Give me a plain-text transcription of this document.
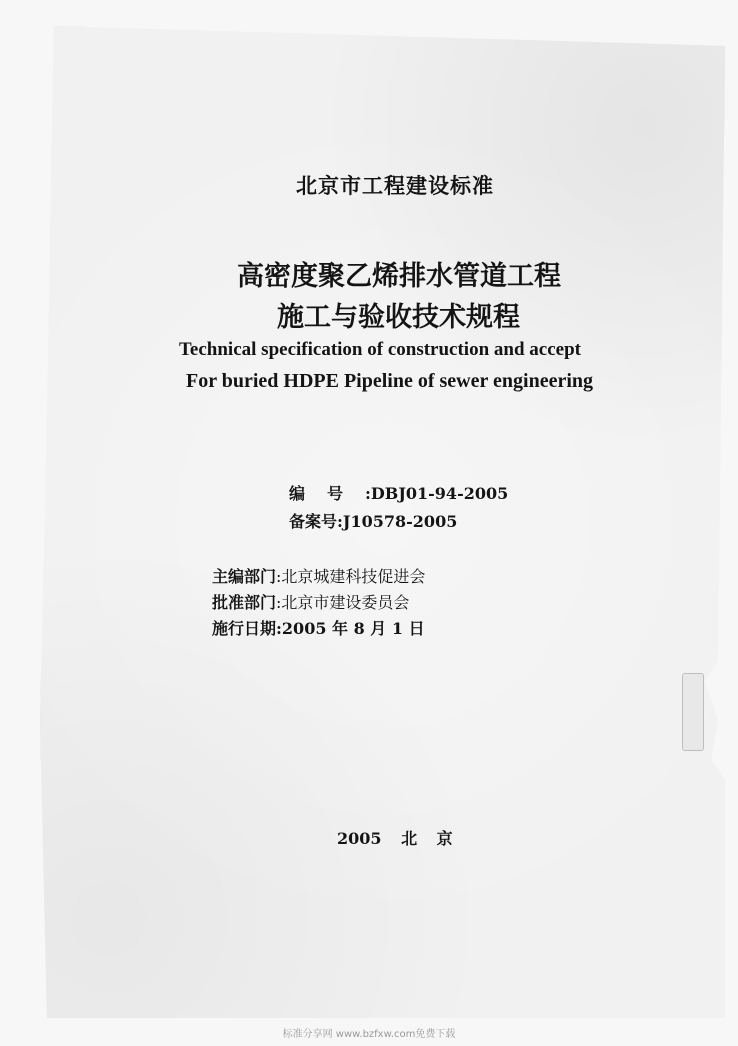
北京市工程建设标准
高密度聚乙烯排水管道工程
施工与验收技术规程
Technical specification of construction and accept
For buried HDPE Pipeline of sewer engineering
编号:DBJ01-94-2005
备案号:J10578-2005
主编部门:北京城建科技促进会
批准部门:北京市建设委员会
施行日期:2005 年 8 月 1 日
2005 北 京
标准分享网 www.bzfxw.com免费下载
